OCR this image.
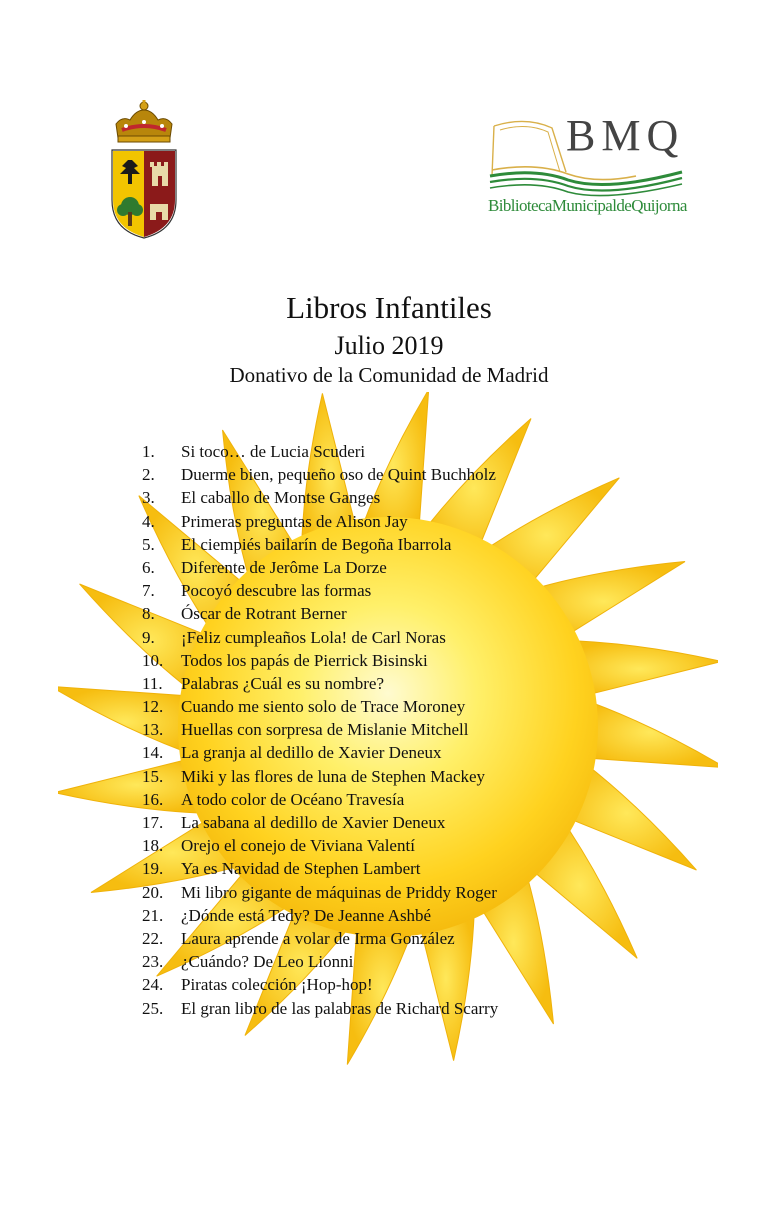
BMQ
BibliotecaMunicipaldeQuijorna
Libros Infantiles
Julio 2019
Donativo de la Comunidad de Madrid
1. Si toco… de Lucia Scuderi
2. Duerme bien, pequeño oso de Quint Buchholz
3. El caballo de Montse Ganges
4. Primeras preguntas de Alison Jay
5. El ciempiés bailarín de Begoña Ibarrola
6. Diferente de Jerôme La Dorze
7. Pocoyó descubre las formas
8. Óscar de Rotrant Berner
9. ¡Feliz cumpleaños Lola! de Carl Noras
10. Todos los papás de Pierrick Bisinski
11. Palabras ¿Cuál es su nombre?
12. Cuando me siento solo de Trace Moroney
13. Huellas con sorpresa de Mislanie Mitchell
14. La granja al dedillo de Xavier Deneux
15. Miki y las flores de luna de Stephen Mackey
16. A todo color de Océano Travesía
17. La sabana al dedillo de Xavier Deneux
18. Orejo el conejo de Viviana Valentí
19. Ya es Navidad de Stephen Lambert
20. Mi libro gigante de máquinas de Priddy Roger
21. ¿Dónde está Tedy? De Jeanne Ashbé
22. Laura aprende a volar de Irma González
23. ¿Cuándo? De Leo Lionni
24. Piratas colección ¡Hop-hop!
25. El gran libro de las palabras de Richard Scarry
